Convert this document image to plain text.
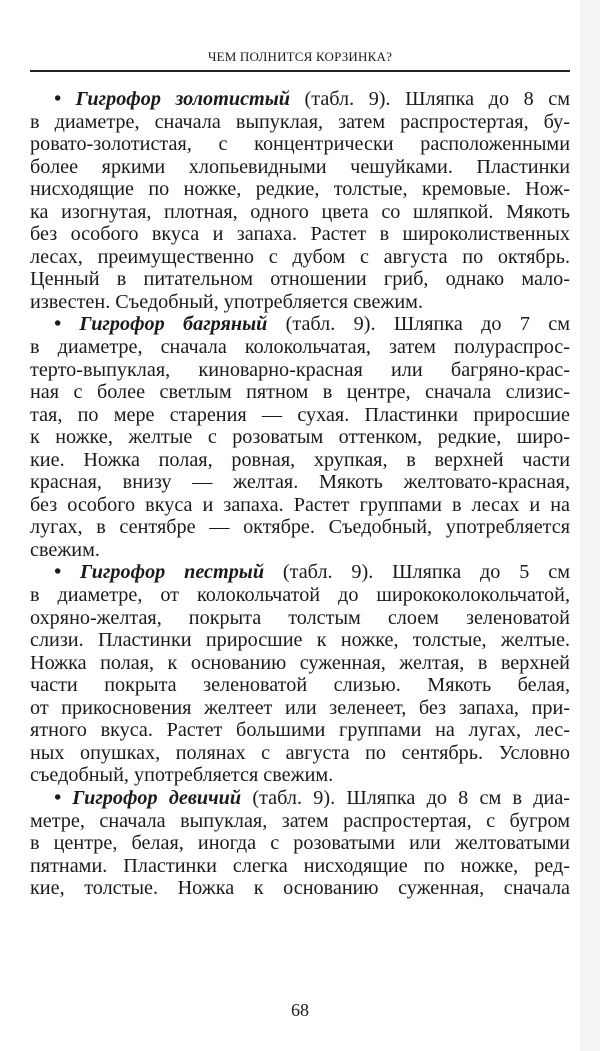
ЧЕМ ПОЛНИТСЯ КОРЗИНКА?
• Гигрофор золотистый (табл. 9). Шляпка до 8 см
в диаметре, сначала выпуклая, затем распростертая, бу-
ровато-золотистая, с концентрически расположенными
более яркими хлопьевидными чешуйками. Пластинки
нисходящие по ножке, редкие, толстые, кремовые. Нож-
ка изогнутая, плотная, одного цвета со шляпкой. Мякоть
без особого вкуса и запаха. Растет в широколиственных
лесах, преимущественно с дубом с августа по октябрь.
Ценный в питательном отношении гриб, однако мало-
известен. Съедобный, употребляется свежим.
• Гигрофор багряный (табл. 9). Шляпка до 7 см
в диаметре, сначала колокольчатая, затем полураспрос-
терто-выпуклая, киноварно-красная или багряно-крас-
ная с более светлым пятном в центре, сначала слизис-
тая, по мере старения — сухая. Пластинки приросшие
к ножке, желтые с розоватым оттенком, редкие, широ-
кие. Ножка полая, ровная, хрупкая, в верхней части
красная, внизу — желтая. Мякоть желтовато-красная,
без особого вкуса и запаха. Растет группами в лесах и на
лугах, в сентябре — октябре. Съедобный, употребляется
свежим.
• Гигрофор пестрый (табл. 9). Шляпка до 5 см
в диаметре, от колокольчатой до ширококолокольчатой,
охряно-желтая, покрыта толстым слоем зеленоватой
слизи. Пластинки приросшие к ножке, толстые, желтые.
Ножка полая, к основанию суженная, желтая, в верхней
части покрыта зеленоватой слизью. Мякоть белая,
от прикосновения желтеет или зеленеет, без запаха, при-
ятного вкуса. Растет большими группами на лугах, лес-
ных опушках, полянах с августа по сентябрь. Условно
съедобный, употребляется свежим.
• Гигрофор девичий (табл. 9). Шляпка до 8 см в диа-
метре, сначала выпуклая, затем распростертая, с бугром
в центре, белая, иногда с розоватыми или желтоватыми
пятнами. Пластинки слегка нисходящие по ножке, ред-
кие, толстые. Ножка к основанию суженная, сначала
68
